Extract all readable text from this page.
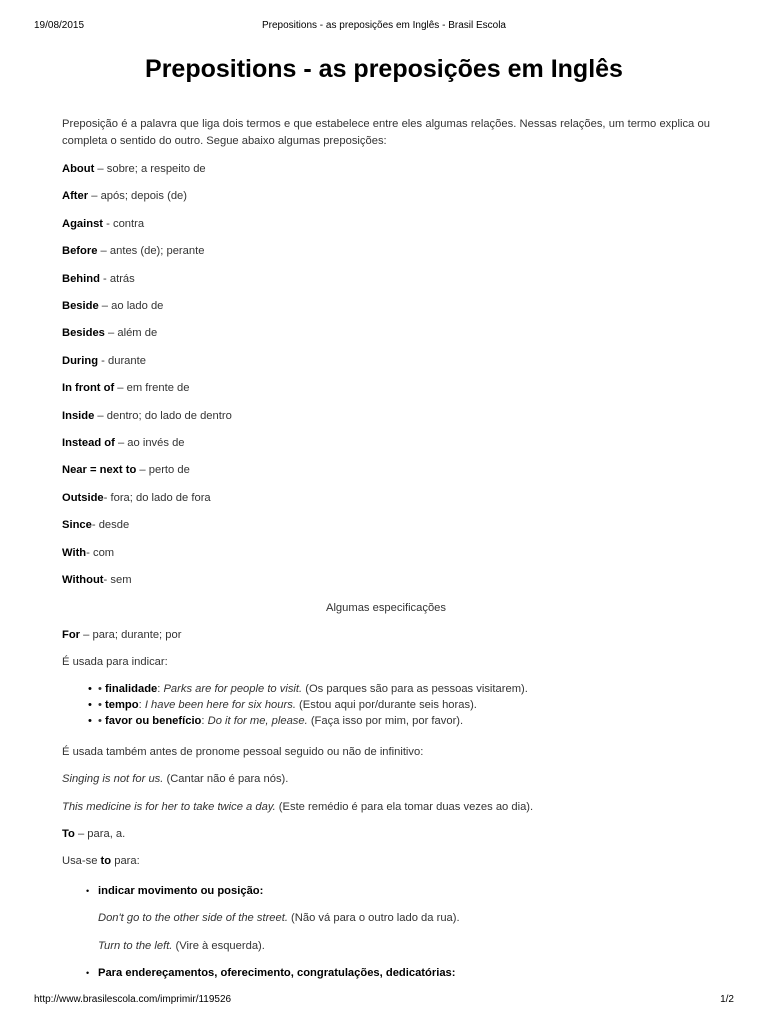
19/08/2015	Prepositions - as preposições em Inglês - Brasil Escola
Prepositions - as preposições em Inglês

Preposição é a palavra que liga dois termos e que estabelece entre eles algumas relações. Nessas relações, um termo explica ou completa o sentido do outro. Segue abaixo algumas preposições:

About – sobre; a respeito de

After – após; depois (de)

Against - contra

Before – antes (de); perante

Behind - atrás

Beside – ao lado de

Besides – além de

During - durante

In front of – em frente de

Inside – dentro; do lado de dentro

Instead of – ao invés de

Near = next to – perto de

Outside- fora; do lado de fora

Since- desde

With- com

Without- sem

Algumas especificações

For – para; durante; por

É usada para indicar:

• • finalidade: Parks are for people to visit. (Os parques são para as pessoas visitarem).
• • tempo: I have been here for six hours. (Estou aqui por/durante seis horas).
• • favor ou benefício: Do it for me, please. (Faça isso por mim, por favor).

É usada também antes de pronome pessoal seguido ou não de infinitivo:

Singing is not for us. (Cantar não é para nós).

This medicine is for her to take twice a day. (Este remédio é para ela tomar duas vezes ao dia).

To – para, a.

Usa-se to para:

• indicar movimento ou posição:
Don't go to the other side of the street. (Não vá para o outro lado da rua).
Turn to the left. (Vire à esquerda).
• Para endereçamentos, oferecimento, congratulações, dedicatórias:
http://www.brasilescola.com/imprimir/119526	1/2
